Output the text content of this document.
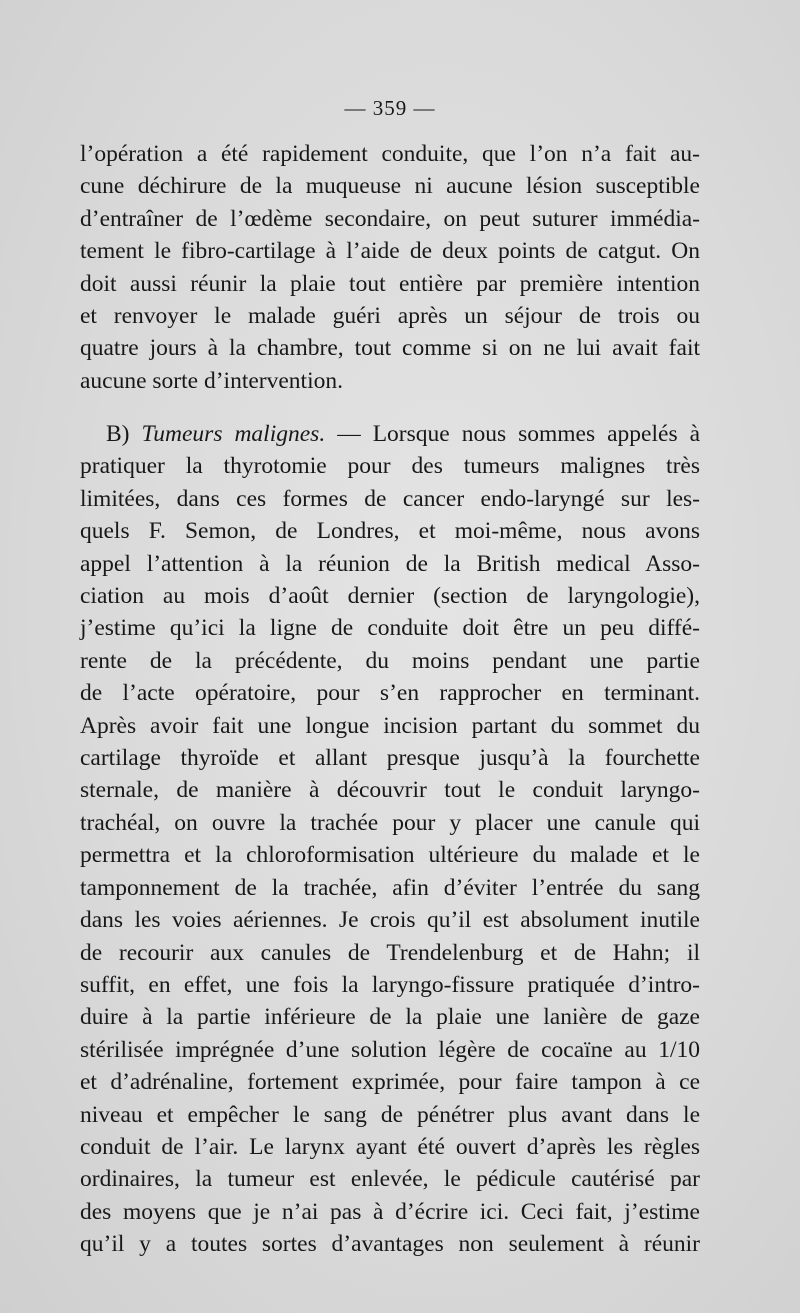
— 359 —
l’opération a été rapidement conduite, que l’on n’a fait au-
cune déchirure de la muqueuse ni aucune lésion susceptible
d’entraîner de l’œdème secondaire, on peut suturer immédia-
tement le fibro-cartilage à l’aide de deux points de catgut. On
doit aussi réunir la plaie tout entière par première intention
et renvoyer le malade guéri après un séjour de trois ou
quatre jours à la chambre, tout comme si on ne lui avait fait
aucune sorte d’intervention.
B) Tumeurs malignes. — Lorsque nous sommes appelés à
pratiquer la thyrotomie pour des tumeurs malignes très
limitées, dans ces formes de cancer endo-laryngé sur les-
quels F. Semon, de Londres, et moi-même, nous avons
appel l’attention à la réunion de la British medical Asso-
ciation au mois d’août dernier (section de laryngologie),
j’estime qu’ici la ligne de conduite doit être un peu diffé-
rente de la précédente, du moins pendant une partie
de l’acte opératoire, pour s’en rapprocher en terminant.
Après avoir fait une longue incision partant du sommet du
cartilage thyroïde et allant presque jusqu’à la fourchette
sternale, de manière à découvrir tout le conduit laryngo-
trachéal, on ouvre la trachée pour y placer une canule qui
permettra et la chloroformisation ultérieure du malade et le
tamponnement de la trachée, afin d’éviter l’entrée du sang
dans les voies aériennes. Je crois qu’il est absolument inutile
de recourir aux canules de Trendelenburg et de Hahn; il
suffit, en effet, une fois la laryngo-fissure pratiquée d’intro-
duire à la partie inférieure de la plaie une lanière de gaze
stérilisée imprégnée d’une solution légère de cocaïne au 1/10
et d’adrénaline, fortement exprimée, pour faire tampon à ce
niveau et empêcher le sang de pénétrer plus avant dans le
conduit de l’air. Le larynx ayant été ouvert d’après les règles
ordinaires, la tumeur est enlevée, le pédicule cautérisé par
des moyens que je n’ai pas à d’écrire ici. Ceci fait, j’estime
qu’il y a toutes sortes d’avantages non seulement à réunir
